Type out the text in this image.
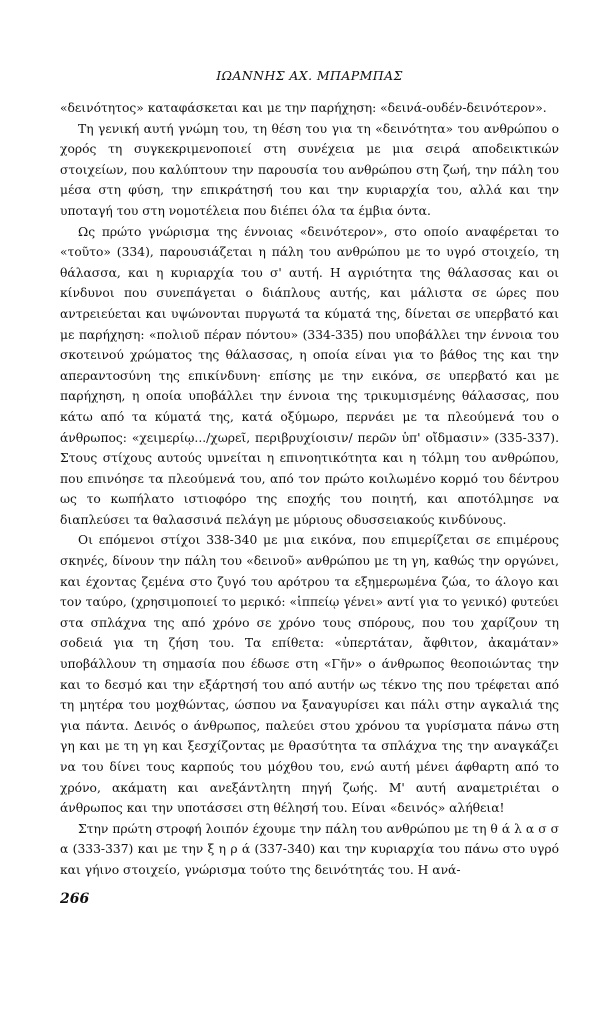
ΙΩΑΝΝΗΣ ΑΧ. ΜΠΑΡΜΠΑΣ

«δεινότητος» καταφάσκεται και με την παρήχηση: «δεινά-ουδέν-δεινότερον».

Τη γενική αυτή γνώμη του, τη θέση του για τη «δεινότητα» του ανθρώπου ο χορός τη συγκεκριμενοποιεί στη συνέχεια με μια σειρά αποδεικτικών στοιχείων, που καλύπτουν την παρουσία του ανθρώπου στη ζωή, την πάλη του μέσα στη φύση, την επικράτησή του και την κυριαρχία του, αλλά και την υποταγή του στη νομοτέλεια που διέπει όλα τα έμβια όντα.

Ως πρώτο γνώρισμα της έννοιας «δεινότερον», στο οποίο αναφέρεται το «τοῦτο» (334), παρουσιάζεται η πάλη του ανθρώπου με το υγρό στοιχείο, τη θάλασσα, και η κυριαρχία του σ' αυτή. Η αγριότητα της θάλασσας και οι κίνδυνοι που συνεπάγεται ο διάπλους αυτής, και μάλιστα σε ώρες που αντρειεύεται και υψώνονται πυργωτά τα κύματά της, δίνεται σε υπερβατό και με παρήχηση: «πολιοῦ πέραν πόντου» (334-335) που υποβάλλει την έννοια του σκοτεινού χρώματος της θάλασσας, η οποία είναι για το βάθος της και την απεραντοσύνη της επικίνδυνη· επίσης με την εικόνα, σε υπερβατό και με παρήχηση, η οποία υποβάλλει την έννοια της τρικυμισμένης θάλασσας, που κάτω από τα κύματά της, κατά οξύμωρο, περνάει με τα πλεούμενά του ο άνθρωπος: «χειμερίῳ.../χωρεῖ, περιβρυχίοισιν/ περῶν ὑπ' οἴδμασιν» (335-337). Στους στίχους αυτούς υμνείται η επινοητικότητα και η τόλμη του ανθρώπου, που επινόησε τα πλεούμενά του, από τον πρώτο κοιλωμένο κορμό του δέντρου ως το κωπήλατο ιστιοφόρο της εποχής του ποιητή, και αποτόλμησε να διαπλεύσει τα θαλασσινά πελάγη με μύριους οδυσσειακούς κινδύνους.

Οι επόμενοι στίχοι 338-340 με μια εικόνα, που επιμερίζεται σε επιμέρους σκηνές, δίνουν την πάλη του «δεινοῦ» ανθρώπου με τη γη, καθώς την οργώνει, και έχοντας ζεμένα στο ζυγό του αρότρου τα εξημερωμένα ζώα, το άλογο και τον ταύρο, (χρησιμοποιεί το μερικό: «ἱππείῳ γένει» αντί για το γενικό) φυτεύει στα σπλάχνα της από χρόνο σε χρόνο τους σπόρους, που του χαρίζουν τη σοδειά για τη ζήση του. Τα επίθετα: «ὑπερτάταν, ἄφθιτον, ἀκαμάταν» υποβάλλουν τη σημασία που έδωσε στη «Γῆν» ο άνθρωπος θεοποιώντας την και το δεσμό και την εξάρτησή του από αυτήν ως τέκνο της που τρέφεται από τη μητέρα του μοχθώντας, ώσπου να ξαναγυρίσει και πάλι στην αγκαλιά της για πάντα. Δεινός ο άνθρωπος, παλεύει στου χρόνου τα γυρίσματα πάνω στη γη και με τη γη και ξεσχίζοντας με θρασύτητα τα σπλάχνα της την αναγκάζει να του δίνει τους καρπούς του μόχθου του, ενώ αυτή μένει άφθαρτη από το χρόνο, ακάματη και ανεξάντλητη πηγή ζωής. Μ' αυτή αναμετριέται ο άνθρωπος και την υποτάσσει στη θέλησή του. Είναι «δεινός» αλήθεια!

Στην πρώτη στροφή λοιπόν έχουμε την πάλη του ανθρώπου με τη θ ά λ α σ σ α (333-337) και με την ξ η ρ ά (337-340) και την κυριαρχία του πάνω στο υγρό και γήινο στοιχείο, γνώρισμα τούτο της δεινότητάς του. Η ανά-

266
